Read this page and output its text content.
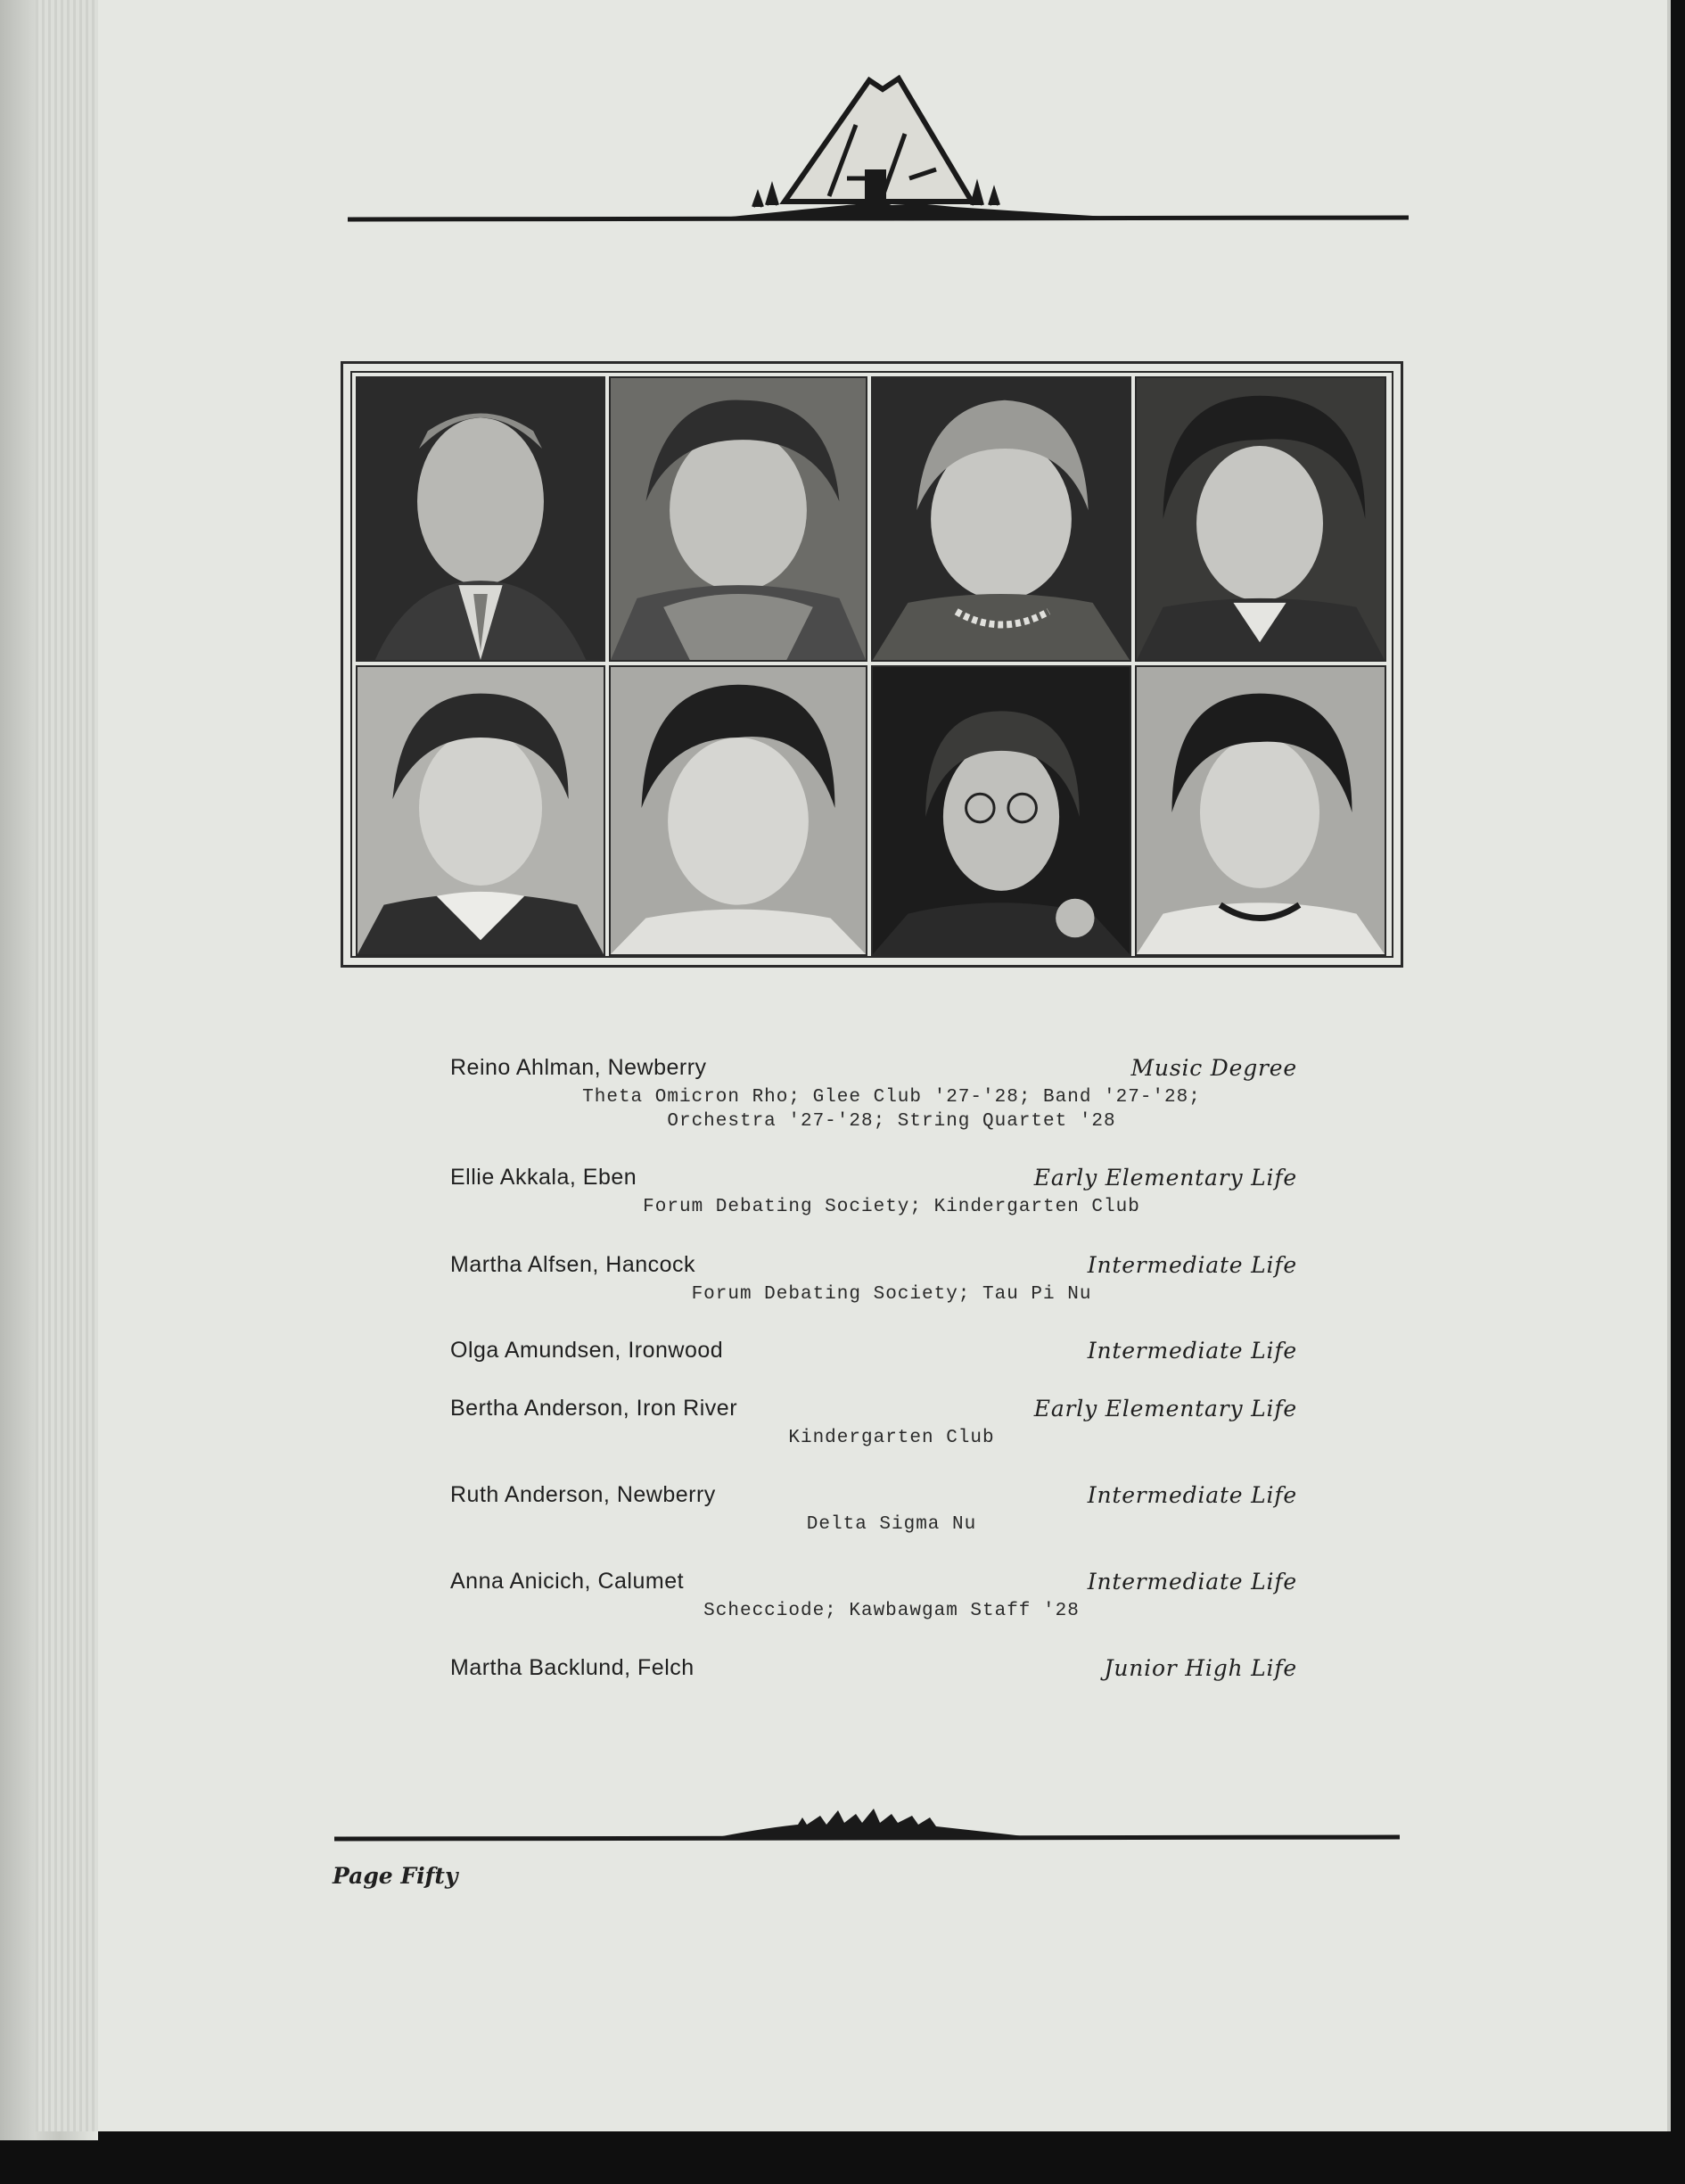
Reino Ahlman, Newberry	Music Degree
Theta Omicron Rho; Glee Club '27-'28; Band '27-'28;
Orchestra '27-'28; String Quartet '28
Ellie Akkala, Eben	Early Elementary Life
Forum Debating Society; Kindergarten Club
Martha Alfsen, Hancock	Intermediate Life
Forum Debating Society; Tau Pi Nu
Olga Amundsen, Ironwood	Intermediate Life
Bertha Anderson, Iron River	Early Elementary Life
Kindergarten Club
Ruth Anderson, Newberry	Intermediate Life
Delta Sigma Nu
Anna Anicich, Calumet	Intermediate Life
Schecciode; Kawbawgam Staff '28
Martha Backlund, Felch	Junior High Life
Page Fifty
